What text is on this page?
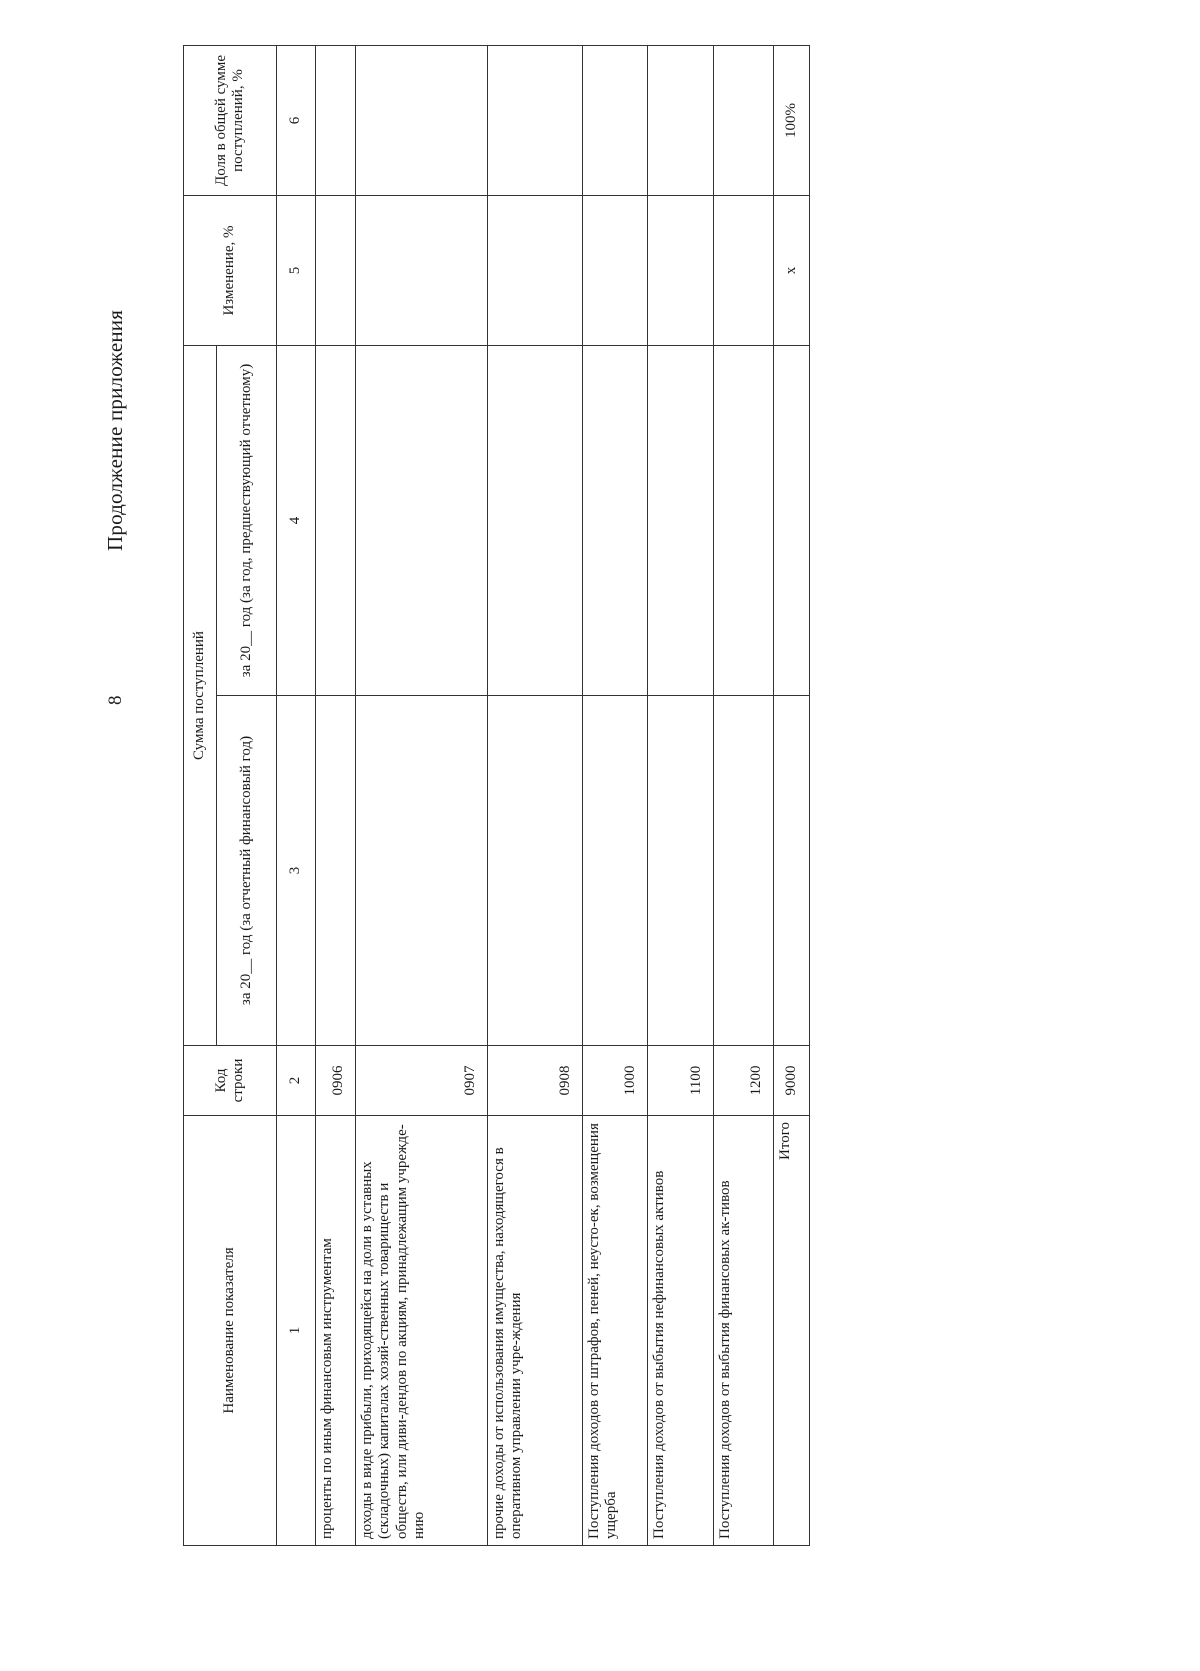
8
Продолжение приложения
Наименование показателя	Код строки	Сумма поступлений		Изменение, %	Доля в общей сумме поступлений, %
		за 20__ год (за отчетный финансовый год)	за 20__ год (за год, предшествующий отчетному)		
1	2	3	4	5	6
проценты по иным финансовым инструментам	0906				
доходы в виде прибыли, приходящейся на доли в уставных (складочных) капиталах хозяй-ственных товариществ и обществ, или диви-дендов по акциям, принадлежащим учрежде-нию	0907				
прочие доходы от использования имущества, находящегося в оперативном управлении учре-ждения	0908				
Поступления доходов от штрафов, пеней, неусто-ек, возмещения ущерба	1000				
Поступления доходов от выбытия нефинансовых активов	1100				
Поступления доходов от выбытия финансовых ак-тивов	1200				
Итого	9000			х	100%
